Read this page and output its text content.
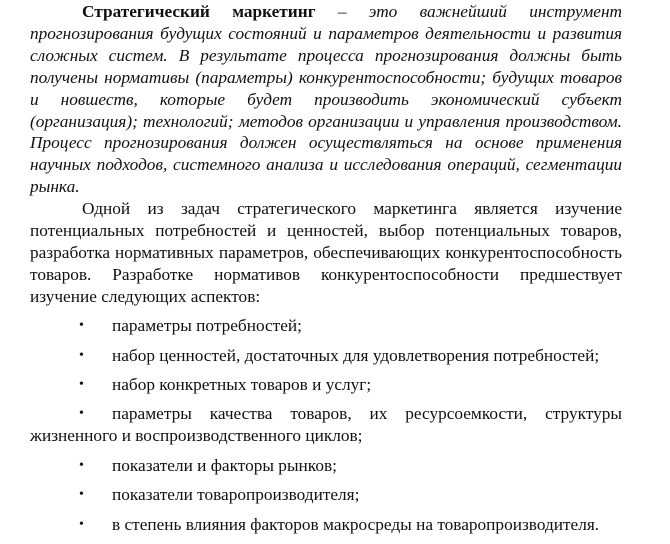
Стратегический маркетинг – это важнейший инструмент прогнозирования будущих состояний и параметров деятельности и развития сложных систем. В результате процесса прогнозирования должны быть получены нормативы (параметры) конкурентоспособности; будущих товаров и новшеств, которые будет производить экономический субъект (организация); технологий; методов организации и управления производством. Процесс прогнозирования должен осуществляться на основе применения научных подходов, системного анализа и исследования операций, сегментации рынка.

Одной из задач стратегического маркетинга является изучение потенциальных потребностей и ценностей, выбор потенциальных товаров, разработка нормативных параметров, обеспечивающих конкурентоспособность товаров. Разработке нормативов конкурентоспособности предшествует изучение следующих аспектов:

• параметры потребностей;
• набор ценностей, достаточных для удовлетворения потребностей;
• набор конкретных товаров и услуг;
• параметры качества товаров, их ресурсоемкости, структуры жизненного и воспроизводственного циклов;
• показатели и факторы рынков;
• показатели товаропроизводителя;
• в степень влияния факторов макросреды на товаропроизводителя.
